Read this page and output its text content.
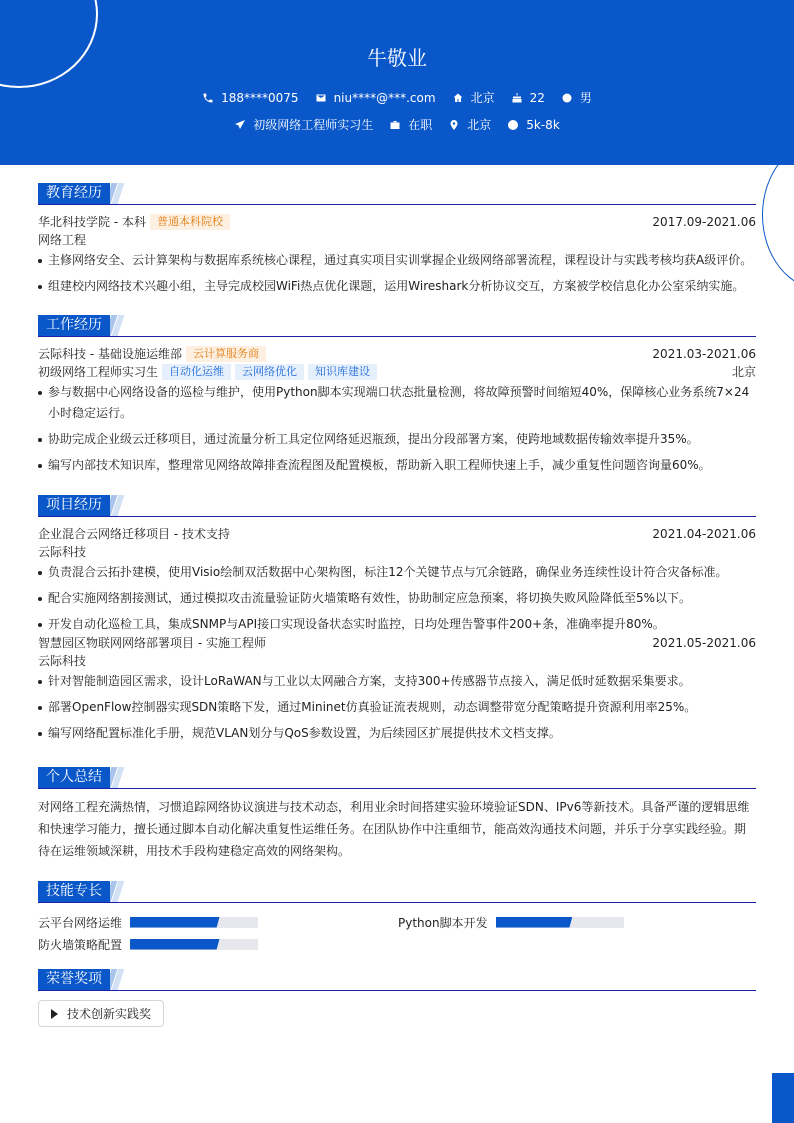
牛敬业
188****0075	niu****@***.com	北京	22	男
初级网络工程师实习生	在职	北京	5k-8k
教育经历
华北科技学院 - 本科	普通本科院校	2017.09-2021.06
网络工程
主修网络安全、云计算架构与数据库系统核心课程，通过真实项目实训掌握企业级网络部署流程，课程设计与实践考核均获A级评价。
组建校内网络技术兴趣小组，主导完成校园WiFi热点优化课题，运用Wireshark分析协议交互，方案被学校信息化办公室采纳实施。
工作经历
云际科技 - 基础设施运维部	云计算服务商	2021.03-2021.06
初级网络工程师实习生	自动化运维	云网络优化	知识库建设	北京
参与数据中心网络设备的巡检与维护，使用Python脚本实现端口状态批量检测，将故障预警时间缩短40%，保障核心业务系统7×24小时稳定运行。
协助完成企业级云迁移项目，通过流量分析工具定位网络延迟瓶颈，提出分段部署方案，使跨地域数据传输效率提升35%。
编写内部技术知识库，整理常见网络故障排查流程图及配置模板，帮助新入职工程师快速上手，减少重复性问题咨询量60%。
项目经历
企业混合云网络迁移项目 - 技术支持	2021.04-2021.06
云际科技
负责混合云拓扑建模，使用Visio绘制双活数据中心架构图，标注12个关键节点与冗余链路，确保业务连续性设计符合灾备标准。
配合实施网络割接测试，通过模拟攻击流量验证防火墙策略有效性，协助制定应急预案，将切换失败风险降低至5%以下。
开发自动化巡检工具，集成SNMP与API接口实现设备状态实时监控，日均处理告警事件200+条，准确率提升80%。
智慧园区物联网网络部署项目 - 实施工程师	2021.05-2021.06
云际科技
针对智能制造园区需求，设计LoRaWAN与工业以太网融合方案，支持300+传感器节点接入，满足低时延数据采集要求。
部署OpenFlow控制器实现SDN策略下发，通过Mininet仿真验证流表规则，动态调整带宽分配策略提升资源利用率25%。
编写网络配置标准化手册，规范VLAN划分与QoS参数设置，为后续园区扩展提供技术文档支撑。
个人总结
对网络工程充满热情，习惯追踪网络协议演进与技术动态，利用业余时间搭建实验环境验证SDN、IPv6等新技术。具备严谨的逻辑思维和快速学习能力，擅长通过脚本自动化解决重复性运维任务。在团队协作中注重细节，能高效沟通技术问题，并乐于分享实践经验。期待在运维领域深耕，用技术手段构建稳定高效的网络架构。
技能专长
云平台网络运维	Python脚本开发
防火墙策略配置
荣誉奖项
技术创新实践奖
